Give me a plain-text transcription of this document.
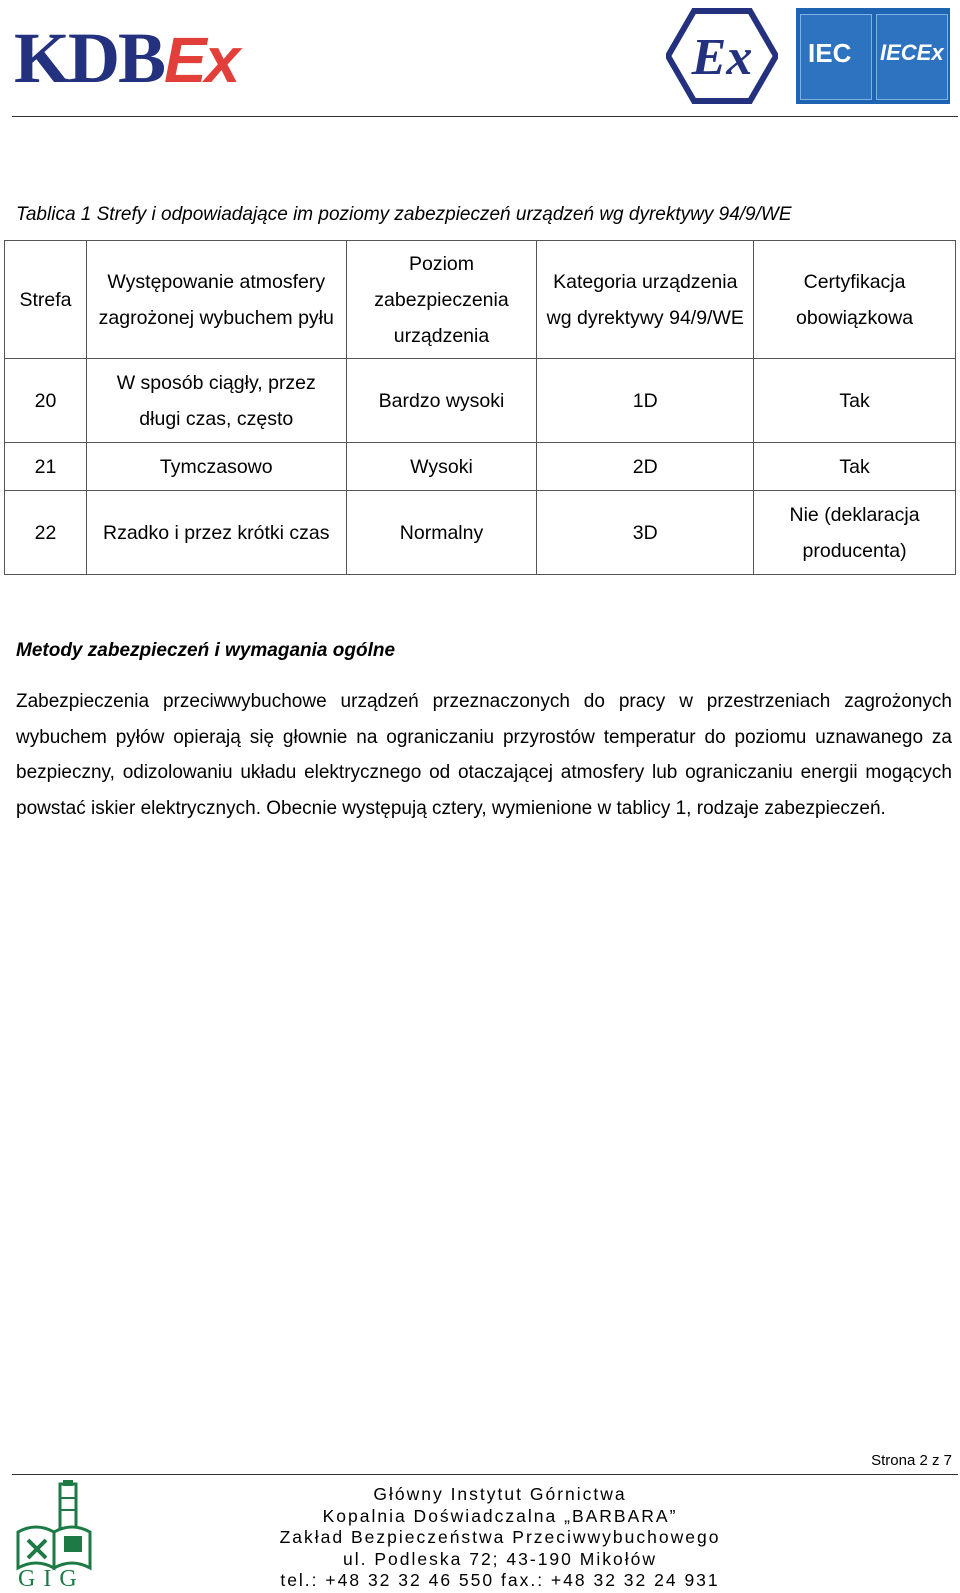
KDBEx	Ex IEC IECEx
Tablica 1 Strefy i odpowiadające im poziomy zabezpieczeń urządzeń wg dyrektywy 94/9/WE
Strefa	Występowanie atmosfery zagrożonej wybuchem pyłu	Poziom zabezpieczenia urządzenia	Kategoria urządzenia wg dyrektywy 94/9/WE	Certyfikacja obowiązkowa
20	W sposób ciągły, przez długi czas, często	Bardzo wysoki	1D	Tak
21	Tymczasowo	Wysoki	2D	Tak
22	Rzadko i przez krótki czas	Normalny	3D	Nie (deklaracja producenta)
Metody zabezpieczeń i wymagania ogólne
Zabezpieczenia przeciwwybuchowe urządzeń przeznaczonych do pracy w przestrzeniach zagrożonych wybuchem pyłów opierają się głownie na ograniczaniu przyrostów temperatur do poziomu uznawanego za bezpieczny, odizolowaniu układu elektrycznego od otaczającej atmosfery lub ograniczaniu energii mogących powstać iskier elektrycznych. Obecnie występują cztery, wymienione w tablicy 1, rodzaje zabezpieczeń.
Strona 2 z 7
GIG
Główny Instytut Górnictwa
Kopalnia Doświadczalna „BARBARA”
Zakład Bezpieczeństwa Przeciwwybuchowego
ul. Podleska 72; 43-190 Mikołów
tel.: +48 32 32 46 550 fax.: +48 32 32 24 931
